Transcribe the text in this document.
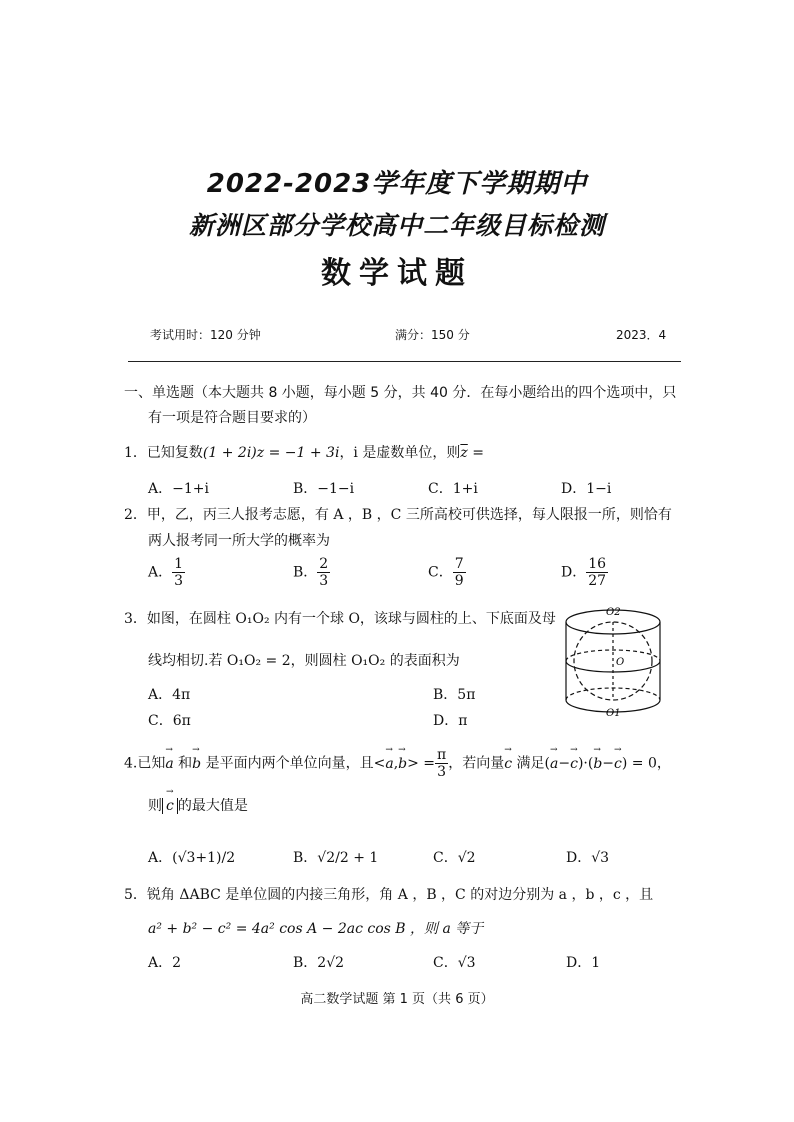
2022-2023学年度下学期期中
新洲区部分学校高中二年级目标检测
数学试题
考试用时：120 分钟	满分：150 分	2023．4
一、单选题（本大题共 8 小题，每小题 5 分，共 40 分．在每小题给出的四个选项中，只
有一项是符合题目要求的）
1．已知复数(1 + 2i)z = −1 + 3i，i 是虚数单位，则$\overline{z}$ =
A．−1+i	B．−1−i	C．1+i	D．1−i
2．甲，乙，丙三人报考志愿，有 A ，B ，C 三所高校可供选择，每人限报一所，则恰有
两人报考同一所大学的概率为
A． $\frac{1}{3}$	B． $\frac{2}{3}$	C． $\frac{7}{9}$	D． $\frac{16}{27}$
3．如图，在圆柱 O₁O₂ 内有一个球 O，该球与圆柱的上、下底面及母
线均相切.若 O₁O₂ = 2，则圆柱 O₁O₂ 的表面积为
A．4π	B．5π
C．6π	D．π
O2
O
O1
4.已知→ a 和→ b 是平面内两个单位向量，且<→ $a,\to b> = \frac{\pi}{3}$ ，若向量→ c 满足(→ a−→ c)·(→ b−→ c) = 0，
则 → c 的最大值是
A．(√3+1)/2	B．√2/2 + 1	C．√2	D．√3
5．锐角 ΔABC 是单位圆的内接三角形，角 A ，B ，C 的对边分别为 a ，b ，c ，且
a² + b² − c² = 4a² cos A − 2ac cos B ，则 a 等于
A．2	B．2√2	C．√3	D．1
高二数学试题 第 1 页（共 6 页）
